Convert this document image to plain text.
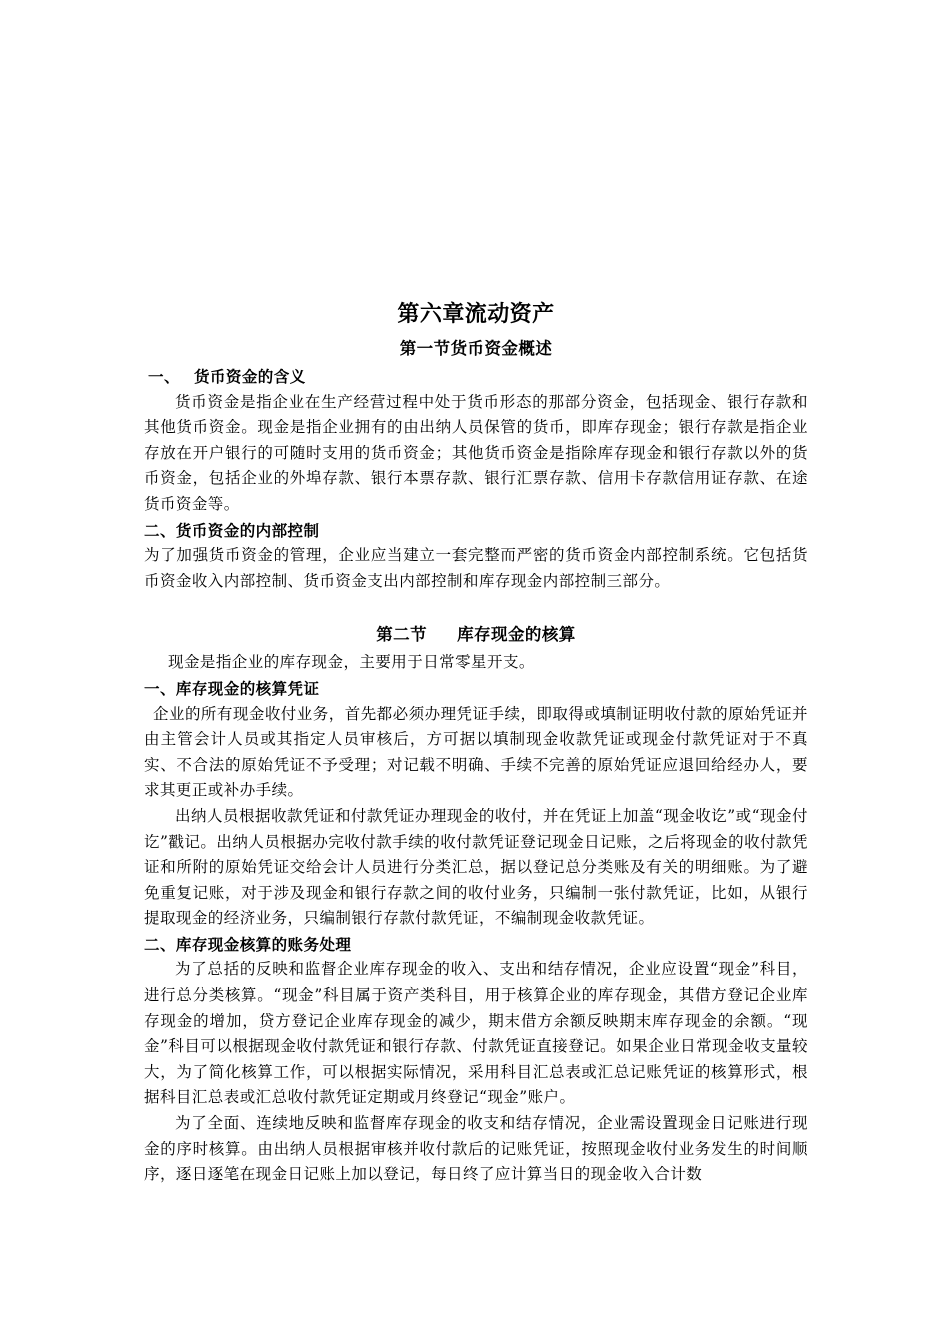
第六章流动资产
第一节货币资金概述
一、 货币资金的含义

货币资金是指企业在生产经营过程中处于货币形态的那部分资金，包括现金、银行存款和其他货币资金。现金是指企业拥有的由出纳人员保管的货币，即库存现金；银行存款是指企业存放在开户银行的可随时支用的货币资金；其他货币资金是指除库存现金和银行存款以外的货币资金，包括企业的外埠存款、银行本票存款、银行汇票存款、信用卡存款信用证存款、在途货币资金等。

二、货币资金的内部控制

为了加强货币资金的管理，企业应当建立一套完整而严密的货币资金内部控制系统。它包括货币资金收入内部控制、货币资金支出内部控制和库存现金内部控制三部分。

第二节 库存现金的核算

现金是指企业的库存现金，主要用于日常零星开支。

一、库存现金的核算凭证

企业的所有现金收付业务，首先都必须办理凭证手续，即取得或填制证明收付款的原始凭证并由主管会计人员或其指定人员审核后，方可据以填制现金收款凭证或现金付款凭证对于不真实、不合法的原始凭证不予受理；对记载不明确、手续不完善的原始凭证应退回给经办人，要求其更正或补办手续。

出纳人员根据收款凭证和付款凭证办理现金的收付，并在凭证上加盖“现金收讫”或“现金付讫”戳记。出纳人员根据办完收付款手续的收付款凭证登记现金日记账，之后将现金的收付款凭证和所附的原始凭证交给会计人员进行分类汇总，据以登记总分类账及有关的明细账。为了避免重复记账，对于涉及现金和银行存款之间的收付业务，只编制一张付款凭证，比如，从银行提取现金的经济业务，只编制银行存款付款凭证，不编制现金收款凭证。

二、库存现金核算的账务处理

为了总括的反映和监督企业库存现金的收入、支出和结存情况，企业应设置“现金”科目，进行总分类核算。“现金”科目属于资产类科目，用于核算企业的库存现金，其借方登记企业库存现金的增加，贷方登记企业库存现金的减少，期末借方余额反映期末库存现金的余额。“现金”科目可以根据现金收付款凭证和银行存款、付款凭证直接登记。如果企业日常现金收支量较大，为了简化核算工作，可以根据实际情况，采用科目汇总表或汇总记账凭证的核算形式，根据科目汇总表或汇总收付款凭证定期或月终登记“现金”账户。

为了全面、连续地反映和监督库存现金的收支和结存情况，企业需设置现金日记账进行现金的序时核算。由出纳人员根据审核并收付款后的记账凭证，按照现金收付业务发生的时间顺序，逐日逐笔在现金日记账上加以登记，每日终了应计算当日的现金收入合计数
